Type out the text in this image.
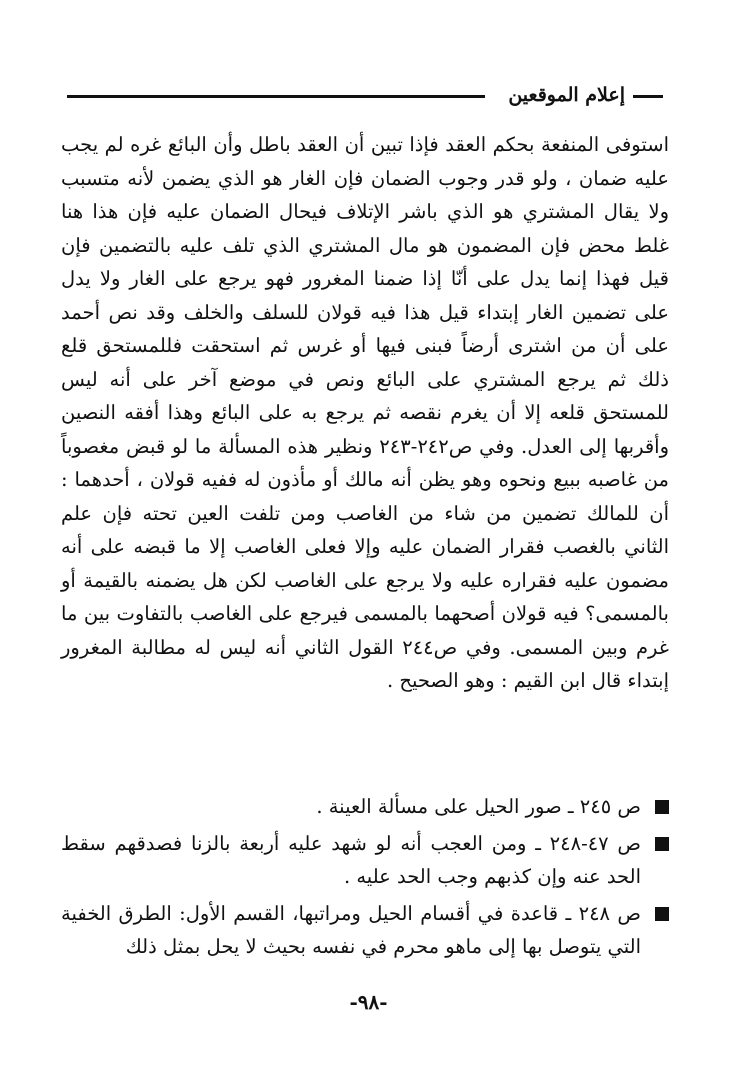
إعلام الموقعين

استوفى المنفعة بحكم العقد فإذا تبين أن العقد باطل وأن البائع غره لم يجب عليه ضمان ، ولو قدر وجوب الضمان فإن الغار هو الذي يضمن لأنه متسبب ولا يقال المشتري هو الذي باشر الإتلاف فيحال الضمان عليه فإن هذا هنا غلط محض فإن المضمون هو مال المشتري الذي تلف عليه بالتضمين فإن قيل فهذا إنما يدل على أنّا إذا ضمنا المغرور فهو يرجع على الغار ولا يدل على تضمين الغار إبتداء قيل هذا فيه قولان للسلف والخلف وقد نص أحمد على أن من اشترى أرضاً فبنى فيها أو غرس ثم استحقت فللمستحق قلع ذلك ثم يرجع المشتري على البائع ونص في موضع آخر على أنه ليس للمستحق قلعه إلا أن يغرم نقصه ثم يرجع به على البائع وهذا أفقه النصين وأقربها إلى العدل. وفي ص٢٤٢-٢٤٣ ونظير هذه المسألة ما لو قبض مغصوباً من غاصبه ببيع ونحوه وهو يظن أنه مالك أو مأذون له ففيه قولان ، أحدهما : أن للمالك تضمين من شاء من الغاصب ومن تلفت العين تحته فإن علم الثاني بالغصب فقرار الضمان عليه وإلا فعلى الغاصب إلا ما قبضه على أنه مضمون عليه فقراره عليه ولا يرجع على الغاصب لكن هل يضمنه بالقيمة أو بالمسمى؟ فيه قولان أصحهما بالمسمى فيرجع على الغاصب بالتفاوت بين ما غرم وبين المسمى. وفي ص٢٤٤ القول الثاني أنه ليس له مطالبة المغرور إبتداء قال ابن القيم : وهو الصحيح .

ص ٢٤٥ ـ صور الحيل على مسألة العينة .
ص ٤٧-٢٤٨ ـ ومن العجب أنه لو شهد عليه أربعة بالزنا فصدقهم سقط الحد عنه وإن كذبهم وجب الحد عليه .
ص ٢٤٨ ـ قاعدة في أقسام الحيل ومراتبها، القسم الأول: الطرق الخفية التي يتوصل بها إلى ماهو محرم في نفسه بحيث لا يحل بمثل ذلك
-٩٨-
